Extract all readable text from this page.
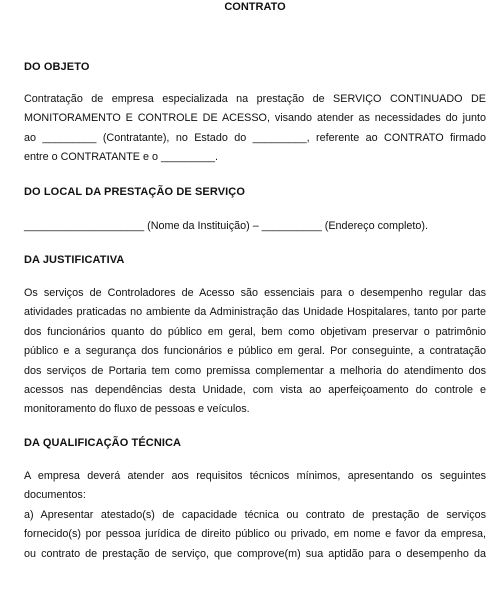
CONTRATO
DO OBJETO

Contratação de empresa especializada na prestação de SERVIÇO CONTINUADO DE
MONITORAMENTO E CONTROLE DE ACESSO, visando atender as necessidades do junto
ao _________ (Contratante), no Estado do _________, referente ao CONTRATO firmado
entre o CONTRATANTE e o _________.

DO LOCAL DA PRESTAÇÃO DE SERVIÇO

____________________ (Nome da Instituição) – __________ (Endereço completo).

DA JUSTIFICATIVA

Os serviços de Controladores de Acesso são essenciais para o desempenho regular das
atividades praticadas no ambiente da Administração das Unidade Hospitalares, tanto por parte
dos funcionários quanto do público em geral, bem como objetivam preservar o patrimônio
público e a segurança dos funcionários e público em geral. Por conseguinte, a contratação
dos serviços de Portaria tem como premissa complementar a melhoria do atendimento dos
acessos nas dependências desta Unidade, com vista ao aperfeiçoamento do controle e
monitoramento do fluxo de pessoas e veículos.

DA QUALIFICAÇÃO TÉCNICA

A empresa deverá atender aos requisitos técnicos mínimos, apresentando os seguintes
documentos:
a) Apresentar atestado(s) de capacidade técnica ou contrato de prestação de serviços
fornecido(s) por pessoa jurídica de direito público ou privado, em nome e favor da empresa,
ou contrato de prestação de serviço, que comprove(m) sua aptidão para o desempenho da
